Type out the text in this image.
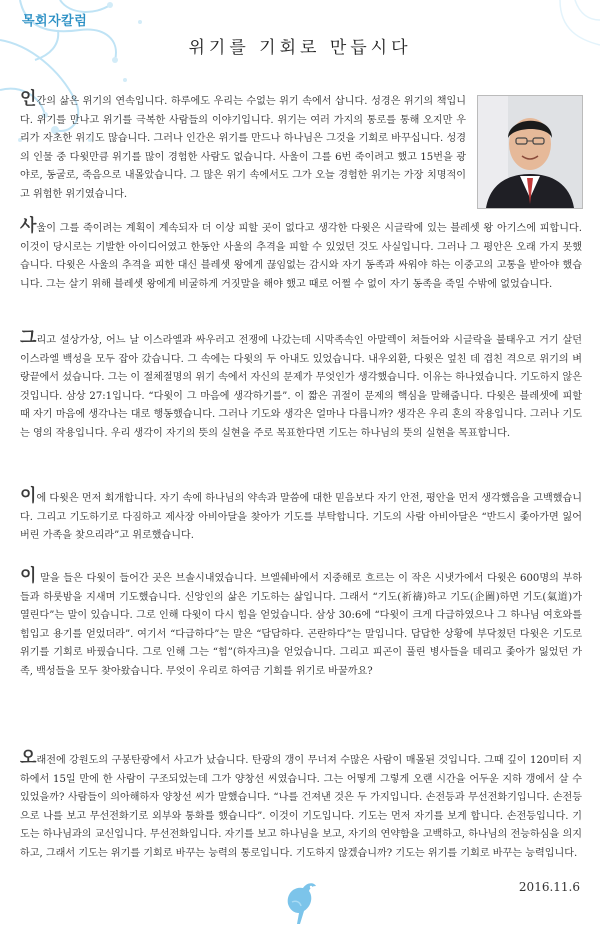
목회자칼럼
위기를 기회로 만듭시다

인간의 삶은 위기의 연속입니다. 하루에도 우리는 수없는 위기 속에서 삽니다. 성경은 위기의 책입니다. 위기를 만나고 위기를 극복한 사람들의 이야기입니다. 위기는 여러 가지의 통로를 통해 오지만 우리가 자초한 위기도 많습니다. 그러나 인간은 위기를 만드나 하나님은 그것을 기회로 바꾸십니다. 성경의 인물 중 다윗만큼 위기를 많이 경험한 사람도 없습니다. 사울이 그를 6번 죽이려고 했고 15번을 광야로, 동굴로, 죽음으로 내몰았습니다. 그 많은 위기 속에서도 그가 오늘 경험한 위기는 가장 치명적이고 위험한 위기였습니다.

사울이 그를 죽이려는 계획이 계속되자 더 이상 피할 곳이 없다고 생각한 다윗은 시글락에 있는 블레셋 왕 아기스에 피합니다. 이것이 당시로는 기발한 아이디어였고 한동안 사울의 추격을 피할 수 있었던 것도 사실입니다. 그러나 그 평안은 오래 가지 못했습니다. 다윗은 사울의 추격을 피한 대신 블레셋 왕에게 끊임없는 감시와 자기 동족과 싸워야 하는 이중고의 고통을 받아야 했습니다. 그는 살기 위해 블레셋 왕에게 비굴하게 거짓말을 해야 했고 때로 어쩔 수 없이 자기 동족을 죽일 수밖에 없었습니다.

그리고 설상가상, 어느 날 이스라엘과 싸우러고 전쟁에 나갔는데 시막족속인 아말렉이 쳐들어와 시글락을 불태우고 거기 살던 이스라엘 백성을 모두 잡아 갔습니다. 그 속에는 다윗의 두 아내도 있었습니다. 내우외환, 다윗은 엎친 데 겹친 격으로 위기의 벼랑끝에서 섰습니다. 그는 이 절체절명의 위기 속에서 자신의 문제가 무엇인가 생각했습니다. 이유는 하나였습니다. 기도하지 않은 것입니다. 삼상 27:1입니다. “다윗이 그 마음에 생각하기를”. 이 짧은 귀절이 문제의 핵심을 말해줍니다. 다윗은 블레셋에 피할 때 자기 마음에 생각나는 대로 행동했습니다. 그러나 기도와 생각은 얼마나 다릅니까? 생각은 우리 혼의 작용입니다. 그러나 기도는 영의 작용입니다. 우리 생각이 자기의 뜻의 실현을 주로 목표한다면 기도는 하나님의 뜻의 실현을 목표합니다.

이에 다윗은 먼저 회개합니다. 자기 속에 하나님의 약속과 말씀에 대한 믿음보다 자기 안전, 평안을 먼저 생각했음을 고백했습니다. 그리고 기도하기로 다짐하고 제사장 아비아달을 찾아가 기도를 부탁합니다. 기도의 사람 아비아달은 “반드시 좇아가면 잃어버린 가족을 찾으리라”고 위로했습니다.

이 말을 들은 다윗이 들어간 곳은 브솔시내였습니다. 브엘쉐바에서 지중해로 흐르는 이 작은 시냇가에서 다윗은 600명의 부하들과 하룻밤을 지새며 기도했습니다. 신앙인의 삶은 기도하는 삶입니다. 그래서 “기도(祈禱)하고 기도(企圖)하면 기도(氣道)가 열린다”는 말이 있습니다. 그로 인해 다윗이 다시 힘을 얻었습니다. 삼상 30:6에 “다윗이 크게 다급하였으나 그 하나님 여호와를 힘입고 용기를 얻었더라”. 여기서 “다급하다”는 말은 “답답하다. 곤란하다”는 말입니다. 답답한 상황에 부닥쳤던 다윗은 기도로 위기를 기회로 바꿨습니다. 그로 인해 그는 “힘”(하자크)을 얻었습니다. 그리고 피곤이 풀린 병사들을 데리고 좇아가 잃었던 가족, 백성들을 모두 찾아왔습니다. 무엇이 우리로 하여금 기회를 위기로 바꿀까요?

오래전에 강원도의 구봉탄광에서 사고가 났습니다. 탄광의 갱이 무너져 수많은 사람이 매몰된 것입니다. 그때 깊이 120미터 지하에서 15일 만에 한 사람이 구조되었는데 그가 양창선 씨였습니다. 그는 어떻게 그렇게 오랜 시간을 어두운 지하 갱에서 살 수 있었을까? 사람들이 의아해하자 양창선 씨가 말했습니다. “나를 건져낸 것은 두 가지입니다. 손전등과 무선전화기입니다. 손전등으로 나를 보고 무선전화기로 외부와 통화를 했습니다”. 이것이 기도입니다. 기도는 먼저 자기를 보게 합니다. 손전등입니다. 기도는 하나님과의 교신입니다. 무선전화입니다. 자기를 보고 하나님을 보고, 자기의 연약함을 고백하고, 하나님의 전능하심을 의지하고, 그래서 기도는 위기를 기회로 바꾸는 능력의 통로입니다. 기도하지 않겠습니까? 기도는 위기를 기회로 바꾸는 능력입니다.

2016.11.6
